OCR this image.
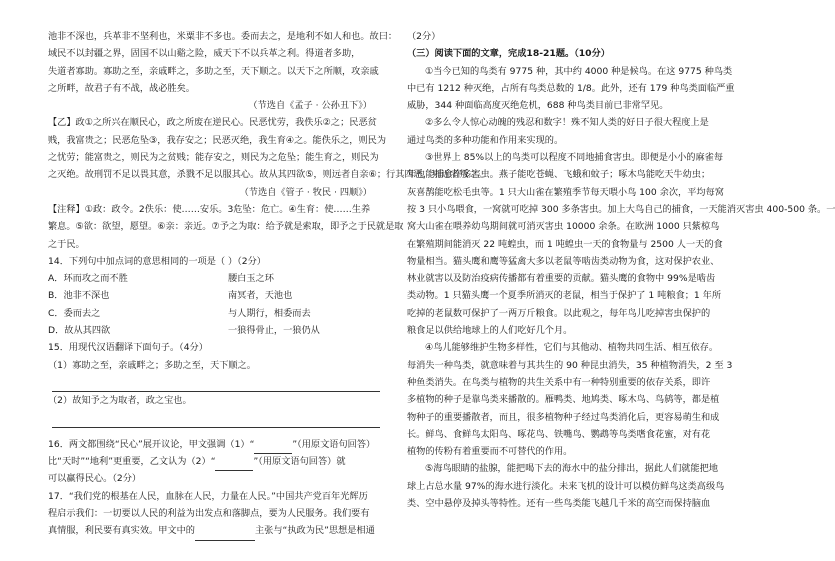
池非不深也，兵革非不坚利也，米粟非不多也。委而去之，是地利不如人和也。故曰：
域民不以封疆之界，固国不以山谿之险，威天下不以兵革之利。得道者多助，
失道者寡助。寡助之至，亲戚畔之，多助之至，天下顺之。以天下之所顺，攻亲戚
之所畔，故君子有不战，战必胜矣。
（节选自《孟子 · 公孙丑下》）
【乙】政①之所兴在顺民心，政之所废在逆民心。民恶忧劳，我佚乐②之；民恶贫
贱，我富贵之；民恶危坠③，我存安之；民恶灭绝，我生育④之。能佚乐之，则民为
之忧劳；能富贵之，则民为之贫贱；能存安之，则民为之危坠；能生育之，则民为
之灭绝。故刑罚不足以畏其意，杀戮不足以服其心。故从其四欲⑤，则远者自亲⑥；行其四恶，则近者叛之。
（节选自《管子 · 牧民 · 四顺》）
【注释】①政：政令。2佚乐：使……安乐。3危坠：危亡。④生育：使……生养
繁息。⑤欲：欲望，愿望。⑥亲：亲近。⑦予之为取：给予就是索取，即予之于民就是取
之于民。
14．下列句中加点词的意思相同的一项是（ ）（2分）
A．环而攻之而不胜	腰白玉之环
B．池非不深也	南冥者，天池也
C．委而去之	与人期行，相委而去
D．故从其四欲	一狼得骨止，一狼仍从
15．用现代汉语翻译下面句子。（4分）
（1）寡助之至，亲戚畔之；多助之至，天下顺之。
（2）故知予之为取者，政之宝也。
16．两文都围绕“民心”展开议论，甲文强调（1）“	”（用原文语句回答）
比“天时”“地利”更重要，乙文认为（2）“	”（用原文语句回答）就
可以赢得民心。（2分）
17．“我们党的根基在人民，血脉在人民，力量在人民。”中国共产党百年光辉历
程启示我们：一切要以人民的利益为出发点和落脚点，要为人民服务。我们要有
真情服，利民要有真实效。甲文中的	主张与“执政为民”思想是相通
（2分）
（三）阅读下面的文章，完成18-21题。（10分）
①当今已知的鸟类有 9775 种，其中约 4000 种是候鸟。在这 9775 种鸟类
中已有 1212 种灭绝，占所有鸟类总数的 1/8。此外，还有 179 种鸟类面临严重
威胁，344 种面临高度灭绝危机，688 种鸟类目前已非常罕见。
②多么令人惊心动魄的残忍和数字！殊不知人类的好日子很大程度上是
通过鸟类的多种功能和作用来实现的。
③世界上 85%以上的鸟类可以程度不同地捕食害虫。即便是小小的麻雀每
年也能捕食许多害虫。燕子能吃苍蝇、飞蛾和蚊子；啄木鸟能吃天牛幼虫；
灰喜鹊能吃松毛虫等。1 只大山雀在繁殖季节每天喂小鸟 100 余次，平均每窝
按 3 只小鸟喂食，一窝就可吃掉 300 多条害虫。加上大鸟自己的捕食，一天能消灭害虫 400-500 条。一
窝大山雀在喂养幼鸟期间就可消灭害虫 10000 余条。在欧洲 1000 只紫椋鸟
在繁殖期间能消灭 22 吨蝗虫，而 1 吨蝗虫一天的食物量与 2500 人一天的食
物量相当。猫头鹰和鹰等猛禽大多以老鼠等啮齿类动物为食，这对保护农业、
林业就害以及防治疫病传播都有着重要的贡献。猫头鹰的食物中 99%是啮齿
类动物。1 只猫头鹰一个夏季所消灭的老鼠，相当于保护了 1 吨粮食；1 年所
吃掉的老鼠数可保护了一两万斤粮食。以此观之，每年鸟儿吃掉害虫保护的
粮食足以供给地球上的人们吃好几个月。
④鸟儿能够维护生物多样性，它们与其他动、植物共同生活、相互依存。
每消失一种鸟类，就意味着与其共生的 90 种昆虫消失，35 种植物消失，2 至 3
种鱼类消失。在鸟类与植物的共生关系中有一种特别重要的依存关系，即许
多植物的种子是靠鸟类来播散的。雁鸭类、地鸠类、啄木鸟、鸟鸫等，都是植
物种子的重要播散者，而且，很多植物种子经过鸟类消化后，更容易萌生和成
长。鲜鸟、食鲜鸟太阳鸟、啄花鸟、铁嘴鸟、鹦鹉等鸟类嗜食花蜜，对有花
植物的传粉有着重要而不可替代的作用。
⑤海鸟眼睛的盐腺，能把喝下去的海水中的盐分排出，据此人们就能把地
球上占总水量 97%的海水进行淡化。未来飞机的设计可以模仿鲜鸟这类高级鸟
类、空中悬停及掉头等特性。还有一些鸟类能飞越几千米的高空而保持脑血
